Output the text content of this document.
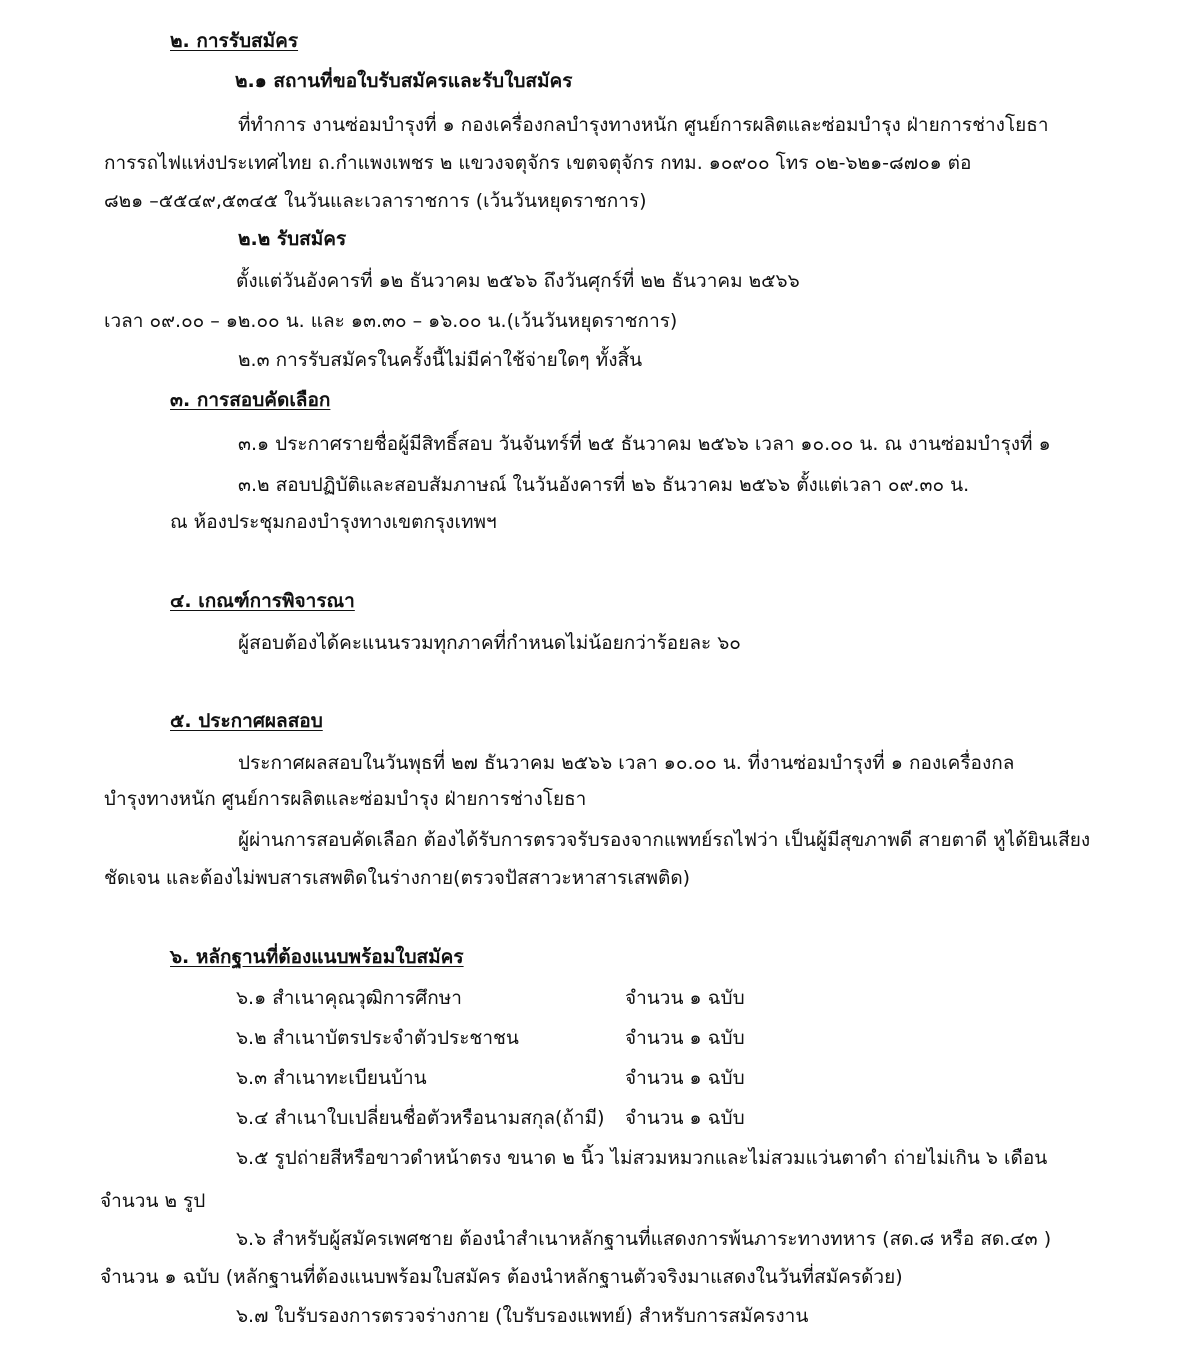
๒. การรับสมัคร
๒.๑ สถานที่ขอใบรับสมัครและรับใบสมัคร
ที่ทำการ งานซ่อมบำรุงที่ ๑ กองเครื่องกลบำรุงทางหนัก ศูนย์การผลิตและซ่อมบำรุง ฝ่ายการช่างโยธา
การรถไฟแห่งประเทศไทย ถ.กำแพงเพชร ๒ แขวงจตุจักร เขตจตุจักร กทม. ๑๐๙๐๐ โทร ๐๒-๖๒๑-๘๗๐๑ ต่อ
๘๒๑ –๕๕๔๙,๕๓๔๕ ในวันและเวลาราชการ (เว้นวันหยุดราชการ)
๒.๒ รับสมัคร
ตั้งแต่วันอังคารที่ ๑๒ ธันวาคม ๒๕๖๖ ถึงวันศุกร์ที่ ๒๒ ธันวาคม ๒๕๖๖
เวลา ๐๙.๐๐ – ๑๒.๐๐ น. และ ๑๓.๓๐ – ๑๖.๐๐ น.(เว้นวันหยุดราชการ)
๒.๓ การรับสมัครในครั้งนี้ไม่มีค่าใช้จ่ายใดๆ ทั้งสิ้น
๓. การสอบคัดเลือก
๓.๑ ประกาศรายชื่อผู้มีสิทธิ์สอบ วันจันทร์ที่ ๒๕ ธันวาคม ๒๕๖๖ เวลา ๑๐.๐๐ น. ณ งานซ่อมบำรุงที่ ๑
๓.๒ สอบปฏิบัติและสอบสัมภาษณ์ ในวันอังคารที่ ๒๖ ธันวาคม ๒๕๖๖ ตั้งแต่เวลา ๐๙.๓๐ น.
ณ ห้องประชุมกองบำรุงทางเขตกรุงเทพฯ
๔. เกณฑ์การพิจารณา
ผู้สอบต้องได้คะแนนรวมทุกภาคที่กำหนดไม่น้อยกว่าร้อยละ ๖๐
๕. ประกาศผลสอบ
ประกาศผลสอบในวันพุธที่ ๒๗ ธันวาคม ๒๕๖๖ เวลา ๑๐.๐๐ น. ที่งานซ่อมบำรุงที่ ๑ กองเครื่องกล
บำรุงทางหนัก ศูนย์การผลิตและซ่อมบำรุง ฝ่ายการช่างโยธา
ผู้ผ่านการสอบคัดเลือก ต้องได้รับการตรวจรับรองจากแพทย์รถไฟว่า เป็นผู้มีสุขภาพดี สายตาดี หูได้ยินเสียง
ชัดเจน และต้องไม่พบสารเสพติดในร่างกาย(ตรวจปัสสาวะหาสารเสพติด)
๖. หลักฐานที่ต้องแนบพร้อมใบสมัคร
๖.๑ สำเนาคุณวุฒิการศึกษา	จำนวน ๑ ฉบับ
๖.๒ สำเนาบัตรประจำตัวประชาชน	จำนวน ๑ ฉบับ
๖.๓ สำเนาทะเบียนบ้าน	จำนวน ๑ ฉบับ
๖.๔ สำเนาใบเปลี่ยนชื่อตัวหรือนามสกุล(ถ้ามี) จำนวน ๑ ฉบับ
๖.๕ รูปถ่ายสีหรือขาวดำหน้าตรง ขนาด ๒ นิ้ว ไม่สวมหมวกและไม่สวมแว่นตาดำ ถ่ายไม่เกิน ๖ เดือน
จำนวน ๒ รูป
๖.๖ สำหรับผู้สมัครเพศชาย ต้องนำสำเนาหลักฐานที่แสดงการพ้นภาระทางทหาร (สด.๘ หรือ สด.๔๓ )
จำนวน ๑ ฉบับ (หลักฐานที่ต้องแนบพร้อมใบสมัคร ต้องนำหลักฐานตัวจริงมาแสดงในวันที่สมัครด้วย)
๖.๗ ใบรับรองการตรวจร่างกาย (ใบรับรองแพทย์) สำหรับการสมัครงาน
